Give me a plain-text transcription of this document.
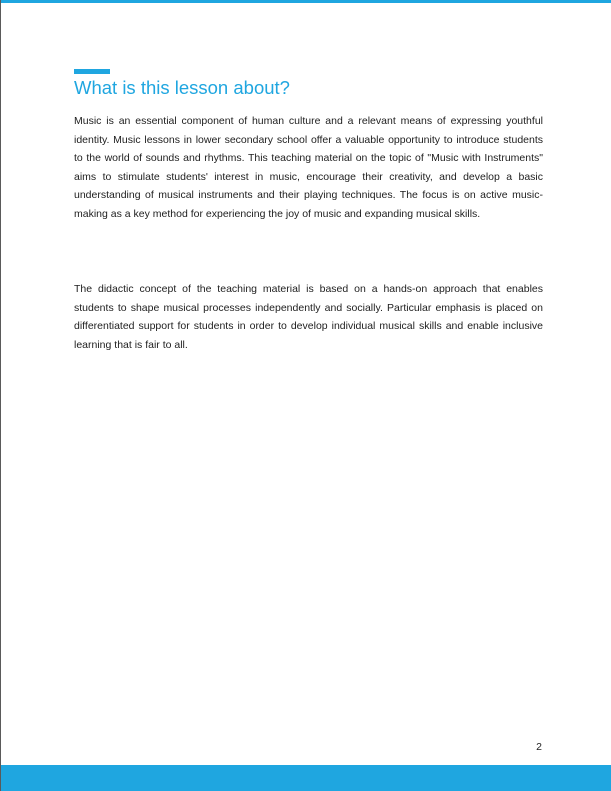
What is this lesson about?

Music is an essential component of human culture and a relevant means of expressing youthful identity. Music lessons in lower secondary school offer a valuable opportunity to introduce students to the world of sounds and rhythms. This teaching material on the topic of "Music with Instruments" aims to stimulate students' interest in music, encourage their creativity, and develop a basic understanding of musical instruments and their playing techniques. The focus is on active music-making as a key method for experiencing the joy of music and expanding musical skills.

The didactic concept of the teaching material is based on a hands-on approach that enables students to shape musical processes independently and socially. Particular emphasis is placed on differentiated support for students in order to develop individual musical skills and enable inclusive learning that is fair to all.

2
